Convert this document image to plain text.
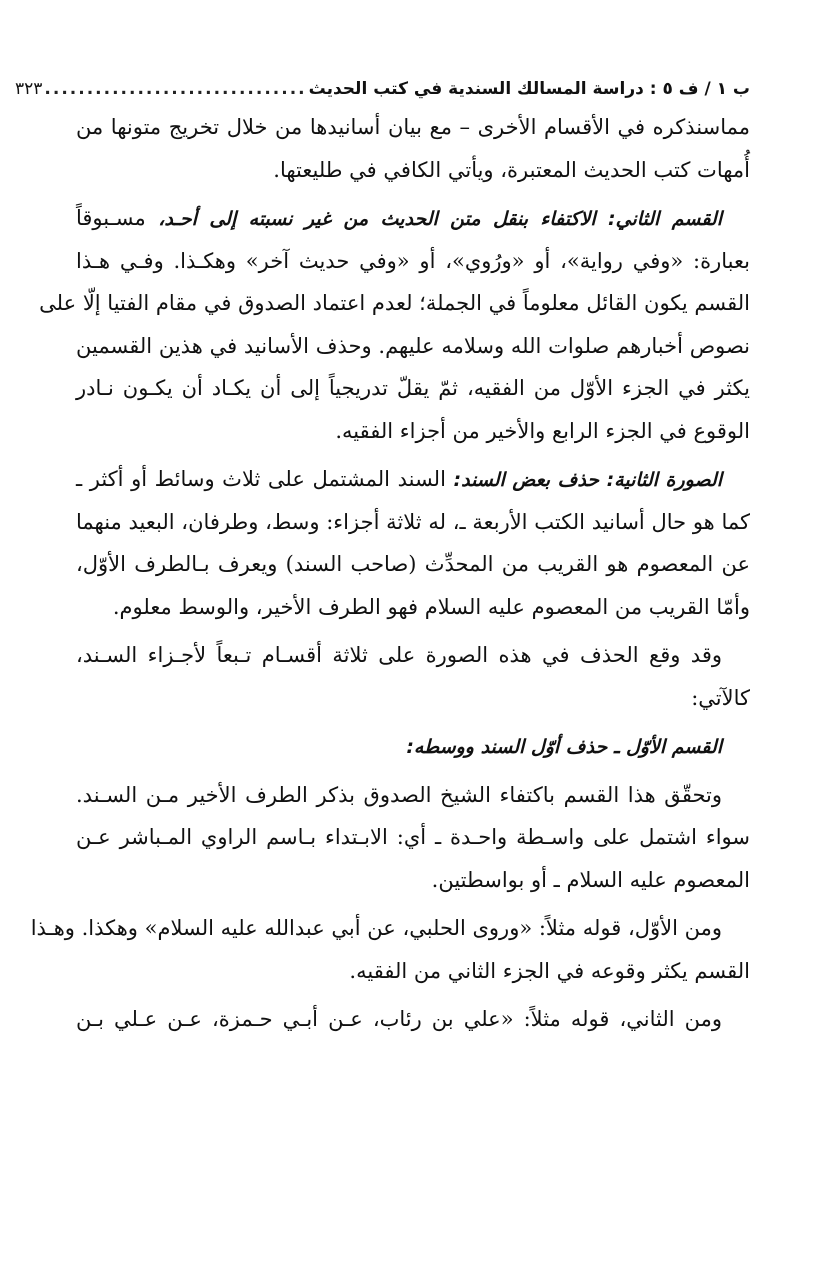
ب ١ / ف ٥ : دراسة المسالك السندية في كتب الحديث
...............................
٣٢٣
مماسنذكره في الأقسام الأخرى – مع بيان أسانيدها من خلال تخريج متونها من
أُمهات كتب الحديث المعتبرة، ويأتي الكافي في طليعتها.
القسم الثاني: الاكتفاء بنقل متن الحديث من غير نسبته إلى أحـد، مسـبوقاً
بعبارة: «وفي رواية»، أو «ورُوي»، أو «وفي حديث آخر» وهكـذا. وفـي هـذا
القسم يكون القائل معلوماً في الجملة؛ لعدم اعتماد الصدوق في مقام الفتيا إلّا على
نصوص أخبارهم صلوات الله وسلامه عليهم. وحذف الأسانيد في هذين القسمين
يكثر في الجزء الأوّل من الفقيه، ثمّ يقلّ تدريجياً إلى أن يكـاد أن يكـون نـادر
الوقوع في الجزء الرابع والأخير من أجزاء الفقيه.
الصورة الثانية: حذف بعض السند: السند المشتمل على ثلاث وسائط أو أكثر ـ
كما هو حال أسانيد الكتب الأربعة ـ، له ثلاثة أجزاء: وسط، وطرفان، البعيد منهما
عن المعصوم هو القريب من المحدِّث (صاحب السند) ويعرف بـالطرف الأوّل،
وأمّا القريب من المعصوم عليه السلام فهو الطرف الأخير، والوسط معلوم.
وقد وقع الحذف في هذه الصورة على ثلاثة أقسـام تـبعاً لأجـزاء السـند،
كالآتي:
القسم الأوّل ـ حذف أوّل السند ووسطه:
وتحقّق هذا القسم باكتفاء الشيخ الصدوق بذكر الطرف الأخير مـن السـند.
سواء اشتمل على واسـطة واحـدة ـ أي: الابـتداء بـاسم الراوي المـباشر عـن
المعصوم عليه السلام ـ أو بواسطتين.
ومن الأوّل، قوله مثلاً: «وروى الحلبي، عن أبي عبدالله عليه السلام» وهكذا. وهـذا
القسم يكثر وقوعه في الجزء الثاني من الفقيه.
ومن الثاني، قوله مثلاً: «علي بن رئاب، عـن أبـي حـمزة، عـن عـلي بـن
